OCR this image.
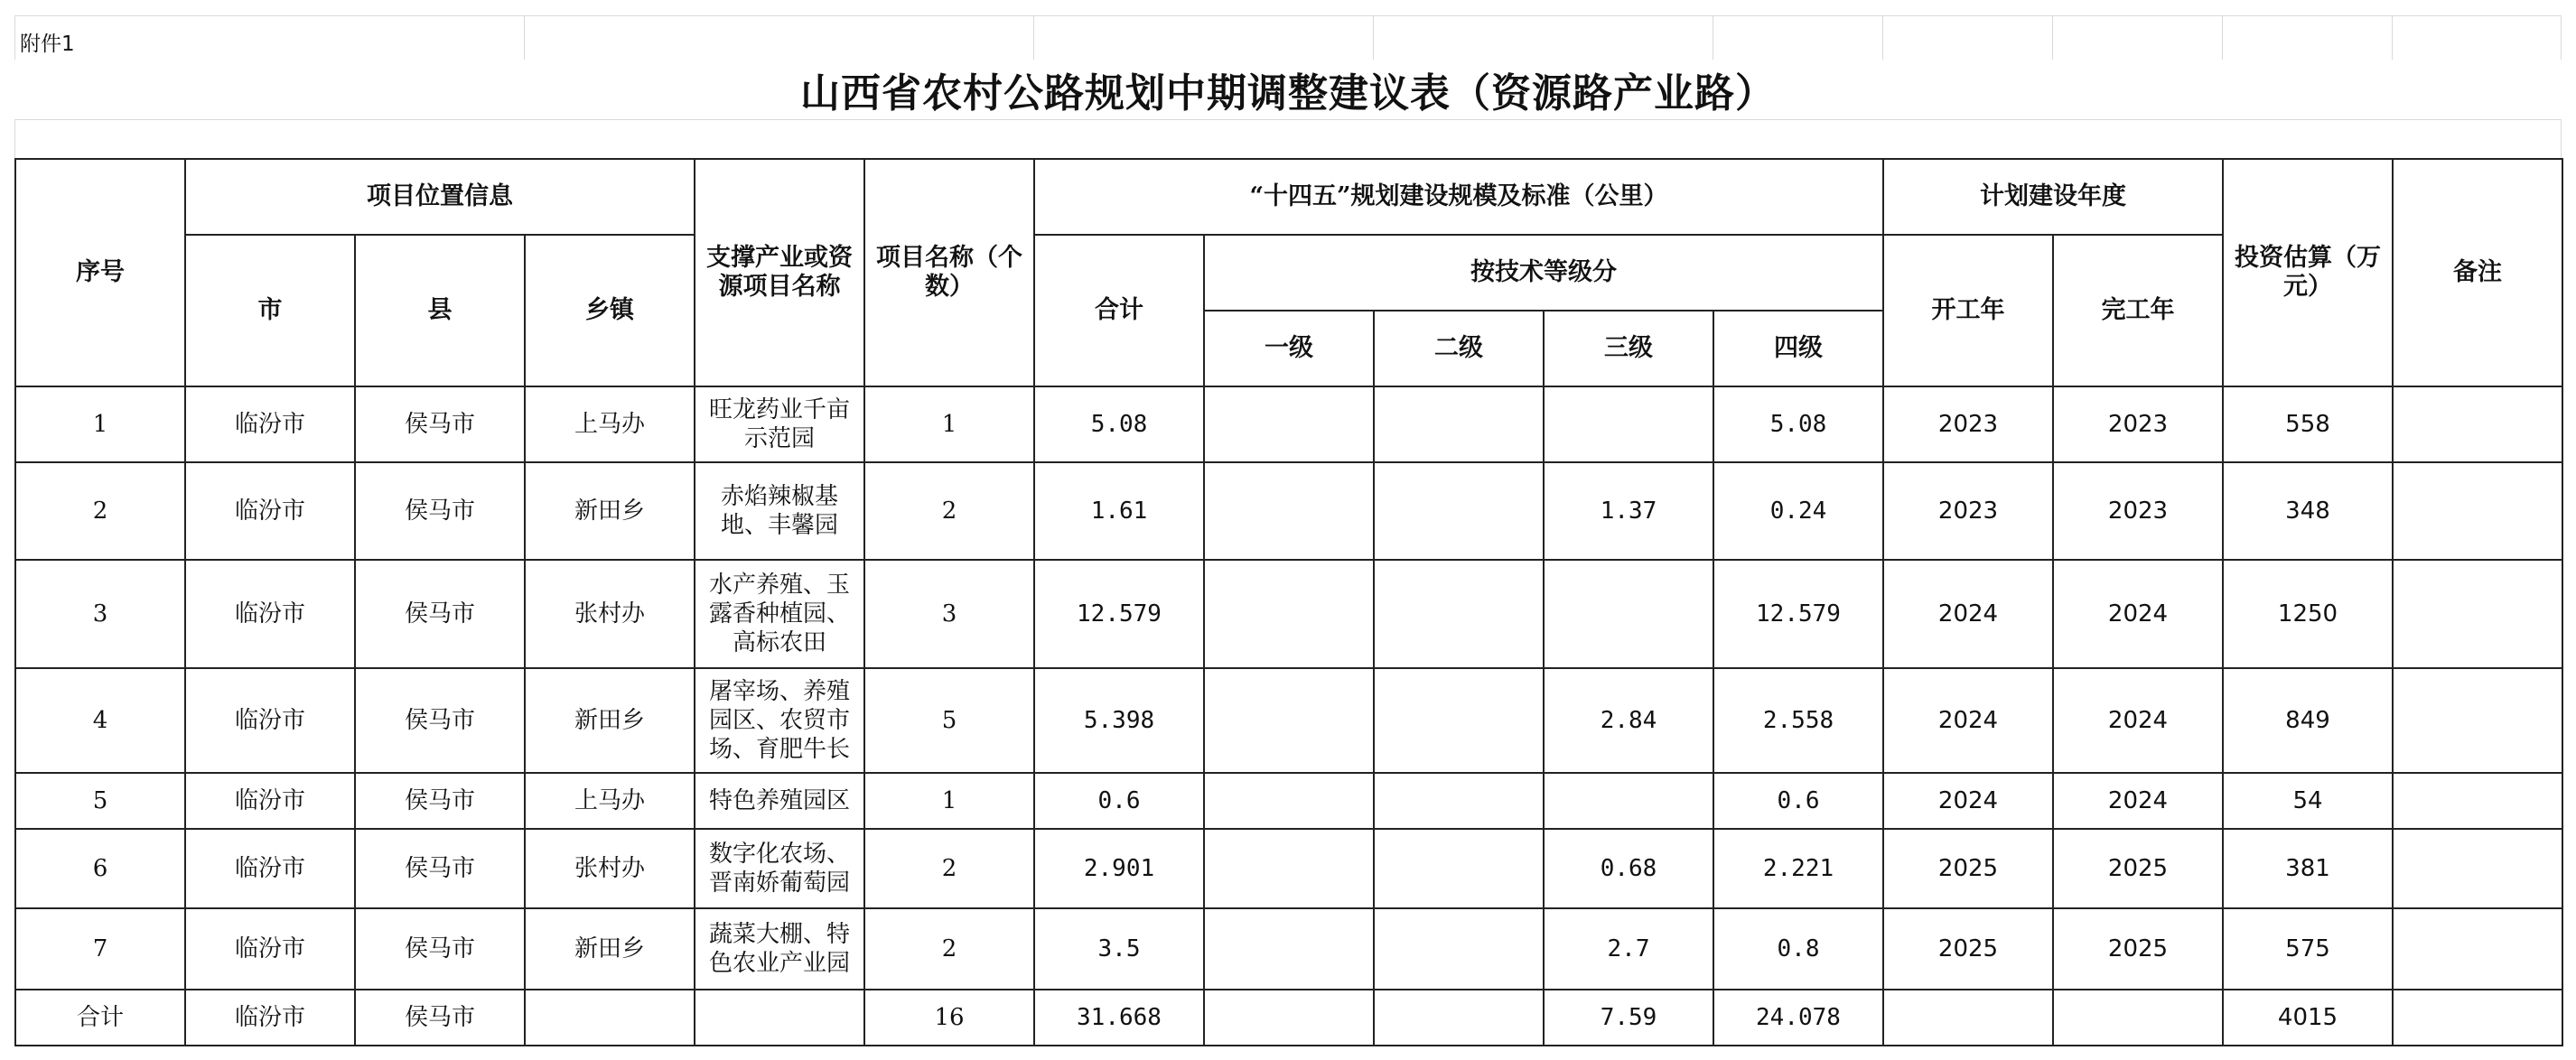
附件1
山西省农村公路规划中期调整建议表（资源路产业路）
序号	项目位置信息			支撑产业或资源项目名称	项目名称（个数）	“十四五”规划建设规模及标准（公里）					计划建设年度		投资估算（万元）	备注
	市	县	乡镇			合计	按技术等级分				开工年	完工年		
							一级	二级	三级	四级				
1	临汾市	侯马市	上马办	旺龙药业千亩示范园	1	5.08				5.08	2023	2023	558	
2	临汾市	侯马市	新田乡	赤焰辣椒基地、丰馨园	2	1.61			1.37	0.24	2023	2023	348	
3	临汾市	侯马市	张村办	水产养殖、玉露香种植园、高标农田	3	12.579				12.579	2024	2024	1250	
4	临汾市	侯马市	新田乡	屠宰场、养殖园区、农贸市场、育肥牛长	5	5.398			2.84	2.558	2024	2024	849	
5	临汾市	侯马市	上马办	特色养殖园区	1	0.6				0.6	2024	2024	54	
6	临汾市	侯马市	张村办	数字化农场、晋南娇葡萄园	2	2.901			0.68	2.221	2025	2025	381	
7	临汾市	侯马市	新田乡	蔬菜大棚、特色农业产业园	2	3.5			2.7	0.8	2025	2025	575	
合计	临汾市	侯马市			16	31.668			7.59	24.078			4015	
